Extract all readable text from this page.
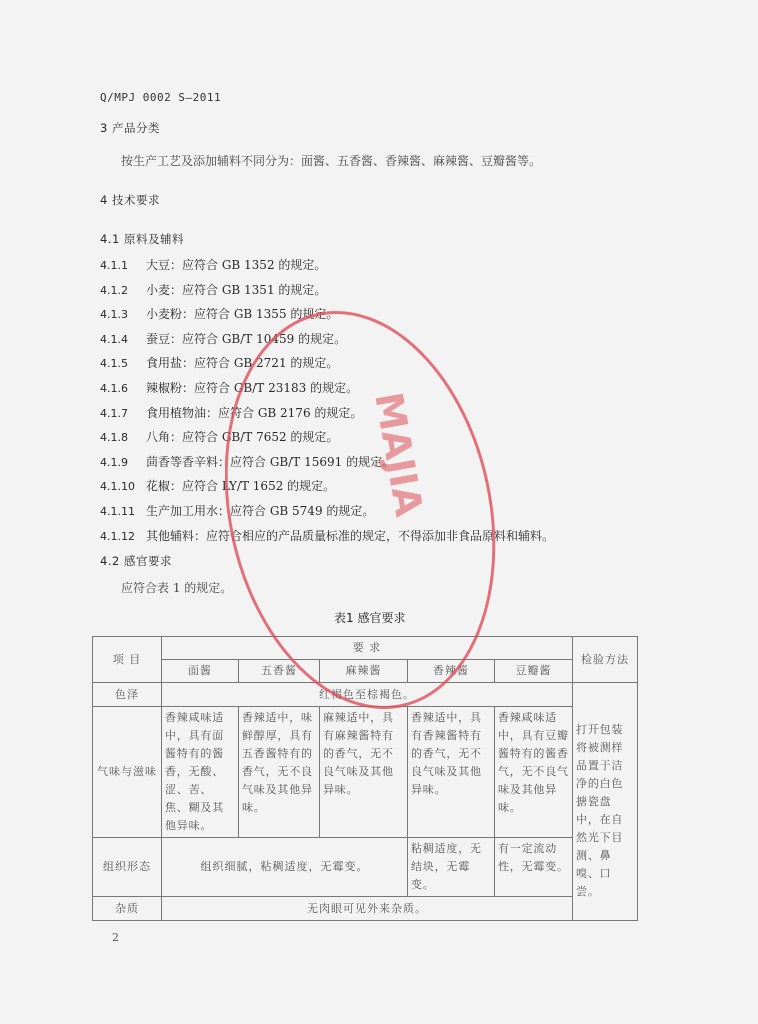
Q/MPJ 0002 S—2011
3 产品分类
按生产工艺及添加辅料不同分为：面酱、五香酱、香辣酱、麻辣酱、豆瓣酱等。
4 技术要求
4.1 原料及辅料
4.1.1 大豆：应符合 GB 1352 的规定。
4.1.2 小麦：应符合 GB 1351 的规定。
4.1.3 小麦粉：应符合 GB 1355 的规定。
4.1.4 蚕豆：应符合 GB/T 10459 的规定。
4.1.5 食用盐：应符合 GB 2721 的规定。
4.1.6 辣椒粉：应符合 GB/T 23183 的规定。
4.1.7 食用植物油：应符合 GB 2176 的规定。
4.1.8 八角：应符合 GB/T 7652 的规定。
4.1.9 茴香等香辛料：应符合 GB/T 15691 的规定。
4.1.10 花椒：应符合 LY/T 1652 的规定。
4.1.11 生产加工用水：应符合 GB 5749 的规定。
4.1.12 其他辅料：应符合相应的产品质量标准的规定，不得添加非食品原料和辅料。
4.2 感官要求
应符合表 1 的规定。
表1 感官要求
项 目	要 求					检验方法
	面酱	五香酱	麻辣酱	香辣酱	豆瓣酱	
色泽	红褐色至棕褐色。					打开包装将被测样品置于洁净的白色搪瓷盘中，在自然光下目测、鼻嗅、口尝。
气味与滋味	香辣咸味适中，具有面酱特有的酱香，无酸、涩、苦、焦、糊及其他异味。	香辣适中，味鲜醇厚，具有五香酱特有的香气，无不良气味及其他异味。	麻辣适中，具有麻辣酱特有的香气，无不良气味及其他异味。	香辣适中，具有香辣酱特有的香气，无不良气味及其他异味。	香辣咸味适中，具有豆瓣酱特有的酱香气，无不良气味及其他异味。	
组织形态	组织细腻，粘稠适度，无霉变。			粘稠适度，无结块，无霉变。	有一定流动性，无霉变。	
杂质	无肉眼可见外来杂质。					
MAJIA
2
